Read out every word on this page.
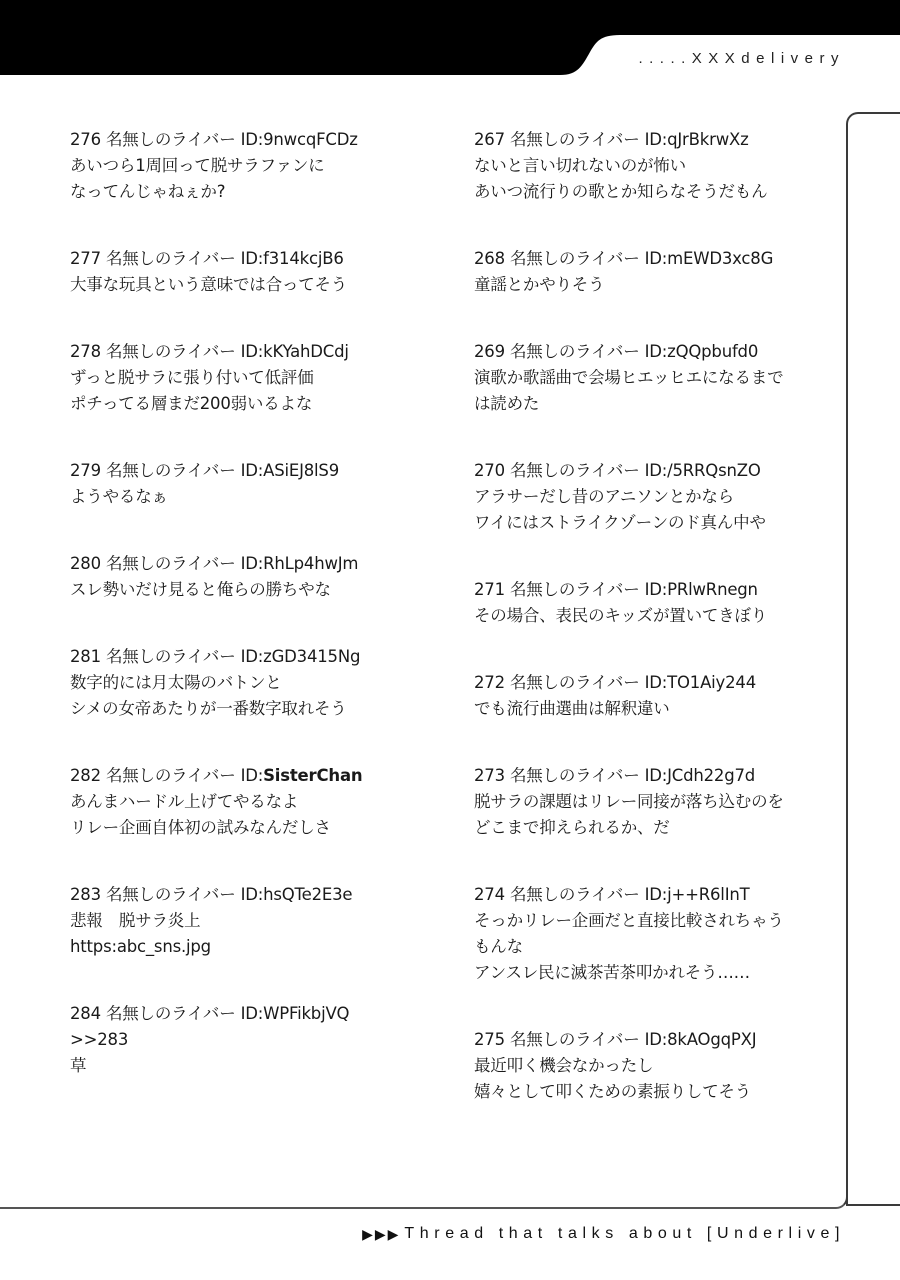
.....XXXdelivery
276 名無しのライバー ID:9nwcqFCDz
あいつら1周回って脱サラファンに
なってんじゃねぇか?
277 名無しのライバー ID:f314kcjB6
大事な玩具という意味では合ってそう
278 名無しのライバー ID:kKYahDCdj
ずっと脱サラに張り付いて低評価
ポチってる層まだ200弱いるよな
279 名無しのライバー ID:ASiEJ8lS9
ようやるなぁ
280 名無しのライバー ID:RhLp4hwJm
スレ勢いだけ見ると俺らの勝ちやな
281 名無しのライバー ID:zGD3415Ng
数字的には月太陽のバトンと
シメの女帝あたりが一番数字取れそう
282 名無しのライバー ID:SisterChan
あんまハードル上げてやるなよ
リレー企画自体初の試みなんだしさ
283 名無しのライバー ID:hsQTe2E3e
悲報　脱サラ炎上
https:abc_sns.jpg
284 名無しのライバー ID:WPFikbjVQ
>>283
草
267 名無しのライバー ID:qJrBkrwXz
ないと言い切れないのが怖い
あいつ流行りの歌とか知らなそうだもん
268 名無しのライバー ID:mEWD3xc8G
童謡とかやりそう
269 名無しのライバー ID:zQQpbufd0
演歌か歌謡曲で会場ヒエッヒエになるまで
は読めた
270 名無しのライバー ID:/5RRQsnZO
アラサーだし昔のアニソンとかなら
ワイにはストライクゾーンのド真ん中や
271 名無しのライバー ID:PRlwRnegn
その場合、表民のキッズが置いてきぼり
272 名無しのライバー ID:TO1Aiy244
でも流行曲選曲は解釈違い
273 名無しのライバー ID:JCdh22g7d
脱サラの課題はリレー同接が落ち込むのを
どこまで抑えられるか、だ
274 名無しのライバー ID:j++R6lInT
そっかリレー企画だと直接比較されちゃう
もんな
アンスレ民に滅茶苦茶叩かれそう……
275 名無しのライバー ID:8kAOgqPXJ
最近叩く機会なかったし
嬉々として叩くための素振りしてそう
▶▶▶ Thread that talks about [Underlive]
